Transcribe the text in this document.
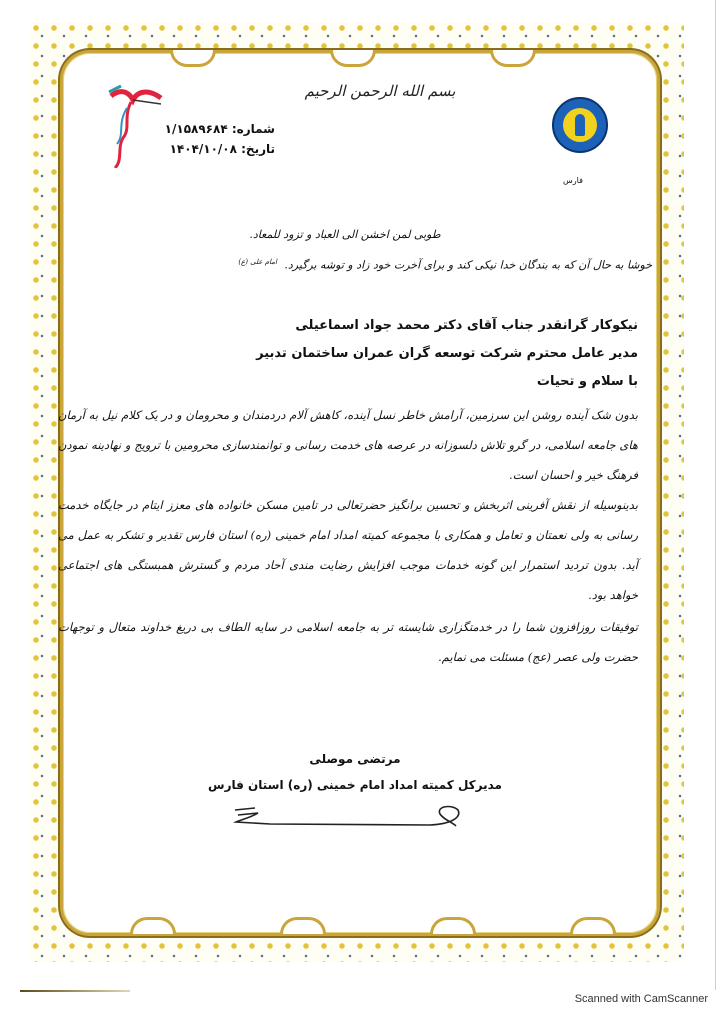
شماره: ۱/۱۵۸۹۶۸۴
تاریخ: ۱۴۰۴/۱۰/۰۸
بسم الله الرحمن الرحیم
فارس
طوبی لمن اخشن الی العباد و تزود للمعاد.
خوشا به حال آن که به بندگان خدا نیکی کند و برای آخرت خود زاد و توشه برگیرد. $^{امام علی (ع)}$
نیکوکار گرانقدر جناب آقای دکتر محمد جواد اسماعیلی
مدیر عامل محترم شرکت توسعه گران عمران ساختمان تدبیر
با سلام و تحیات
بدون شک آینده روشن این سرزمین، آرامش خاطر نسل آینده، کاهش آلام دردمندان و محرومان و در یک کلام نیل به آرمان های جامعه اسلامی، در گرو تلاش دلسوزانه در عرصه های خدمت رسانی و توانمندسازی محرومین با ترویج و نهادینه نمودن فرهنگ خیر و احسان است.
بدینوسیله از نقش آفرینی اثربخش و تحسین برانگیز حضرتعالی در تامین مسکن خانواده های معزز ایتام در جایگاه خدمت رسانی به ولی نعمتان و تعامل و همکاری با مجموعه کمیته امداد امام خمینی (ره) استان فارس تقدیر و تشکر به عمل می آید. بدون تردید استمرار این گونه خدمات موجب افزایش رضایت مندی آحاد مردم و گسترش همبستگی های اجتماعی خواهد بود.
توفیقات روزافزون شما را در خدمتگزاری شایسته تر به جامعه اسلامی در سایه الطاف بی دریغ خداوند متعال و توجهات حضرت ولی عصر (عج) مسئلت می نمایم.
مرتضی موصلی
مدیرکل کمیته امداد امام خمینی (ره) استان فارس
Scanned with CamScanner
